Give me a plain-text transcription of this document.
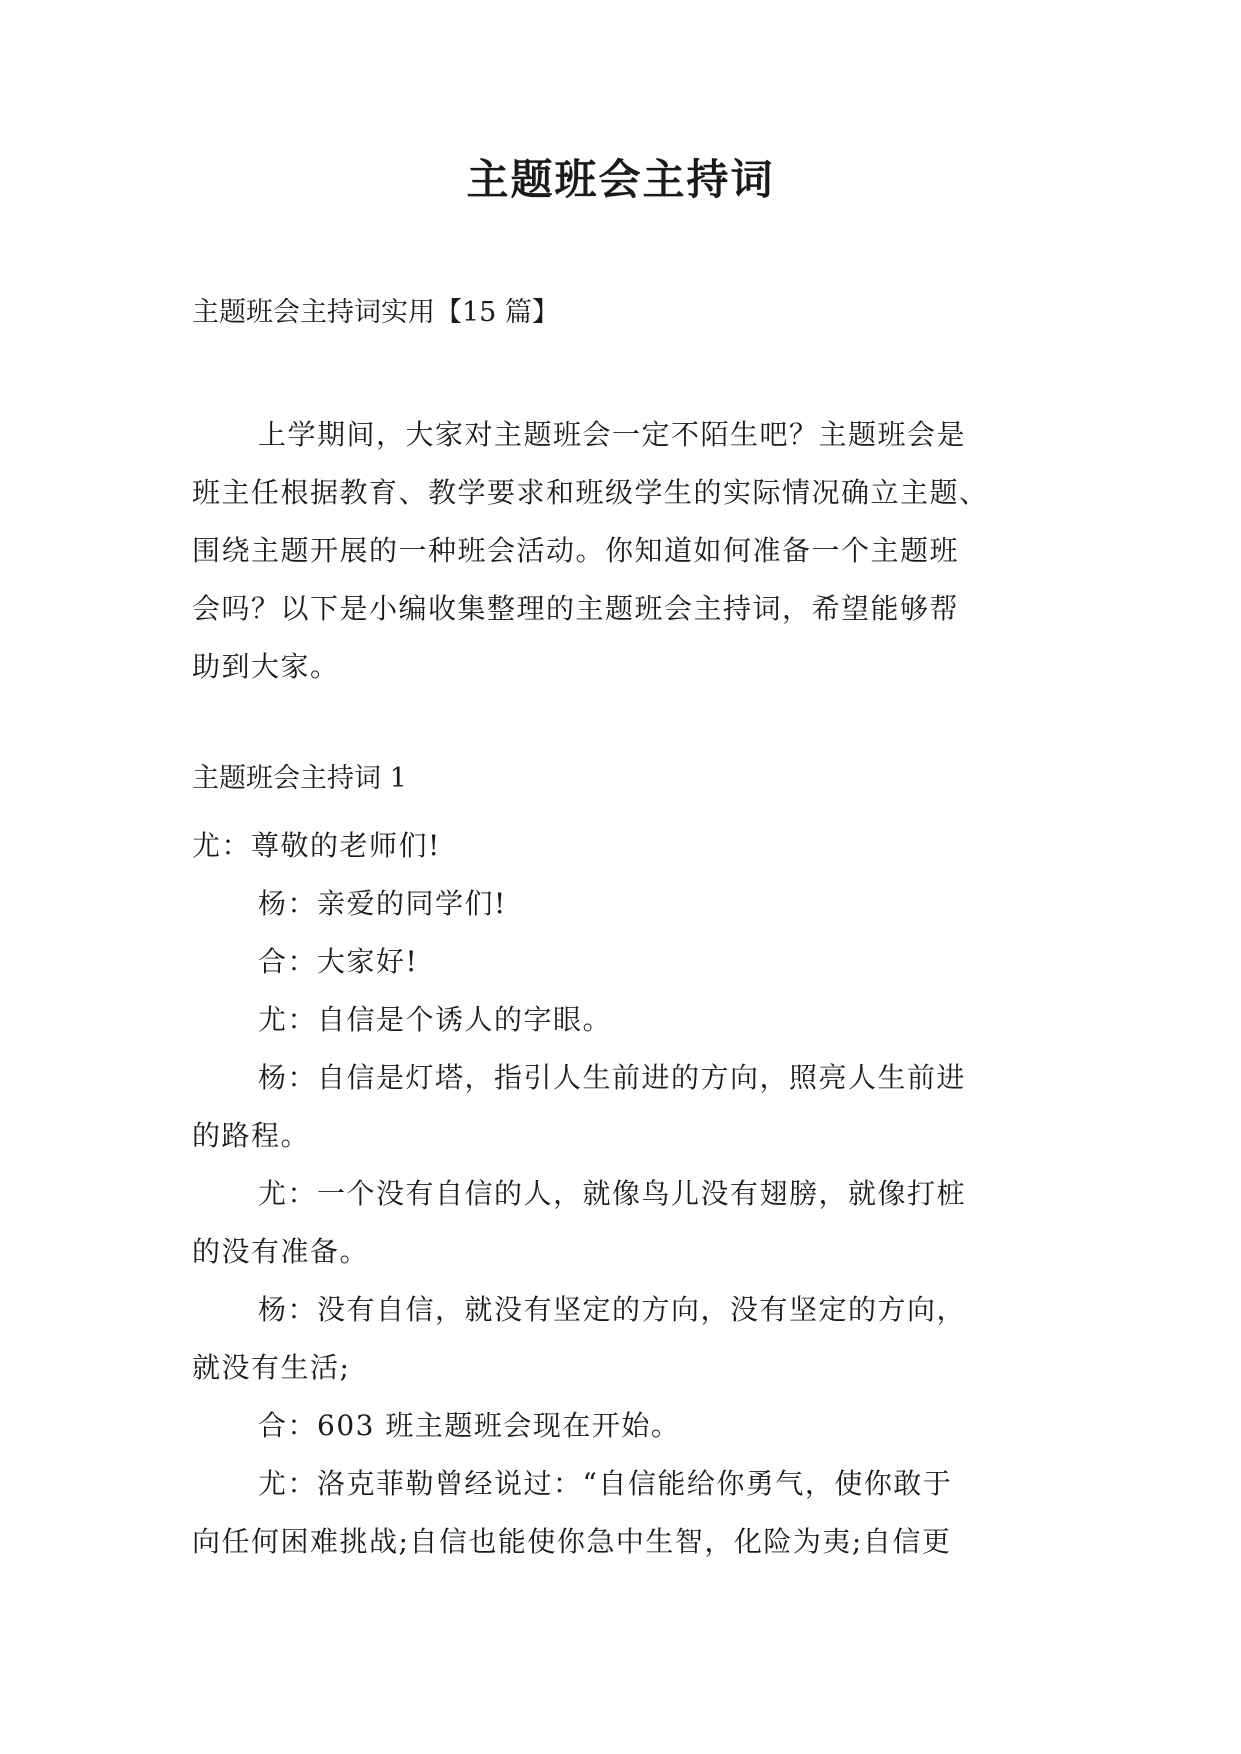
主题班会主持词
主题班会主持词实用【15 篇】
上学期间，大家对主题班会一定不陌生吧？主题班会是
班主任根据教育、教学要求和班级学生的实际情况确立主题、
围绕主题开展的一种班会活动。你知道如何准备一个主题班
会吗？以下是小编收集整理的主题班会主持词，希望能够帮
助到大家。
主题班会主持词 1
尤：尊敬的老师们!
杨：亲爱的同学们!
合：大家好!
尤：自信是个诱人的字眼。
杨：自信是灯塔，指引人生前进的方向，照亮人生前进
的路程。
尤：一个没有自信的人，就像鸟儿没有翅膀，就像打桩
的没有准备。
杨：没有自信，就没有坚定的方向，没有坚定的方向，
就没有生活;
合：603 班主题班会现在开始。
尤：洛克菲勒曾经说过：“自信能给你勇气，使你敢于
向任何困难挑战;自信也能使你急中生智，化险为夷;自信更
